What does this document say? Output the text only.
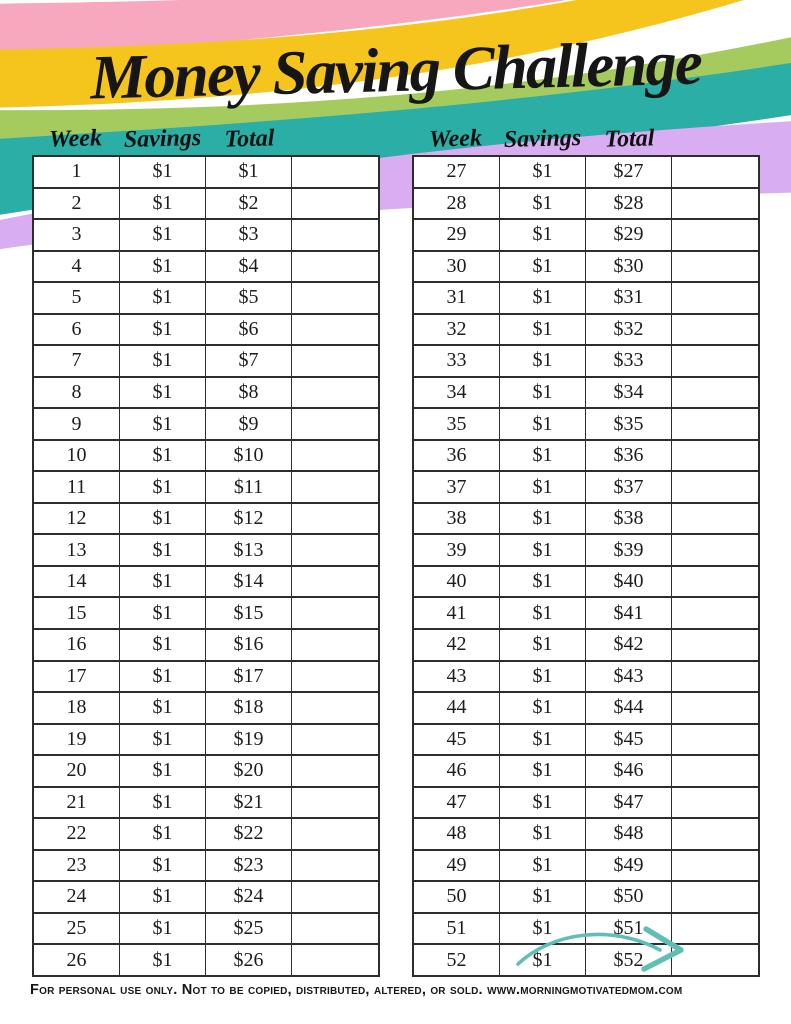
Money Saving Challenge
Week Savings Total	Week Savings Total
1	$1	$1
2	$1	$2
3	$1	$3
4	$1	$4
5	$1	$5
6	$1	$6
7	$1	$7
8	$1	$8
9	$1	$9
10	$1	$10
11	$1	$11
12	$1	$12
13	$1	$13
14	$1	$14
15	$1	$15
16	$1	$16
17	$1	$17
18	$1	$18
19	$1	$19
20	$1	$20
21	$1	$21
22	$1	$22
23	$1	$23
24	$1	$24
25	$1	$25
26	$1	$26
27	$1	$27
28	$1	$28
29	$1	$29
30	$1	$30
31	$1	$31
32	$1	$32
33	$1	$33
34	$1	$34
35	$1	$35
36	$1	$36
37	$1	$37
38	$1	$38
39	$1	$39
40	$1	$40
41	$1	$41
42	$1	$42
43	$1	$43
44	$1	$44
45	$1	$45
46	$1	$46
47	$1	$47
48	$1	$48
49	$1	$49
50	$1	$50
51	$1	$51
52	$1	$52
For personal use only. Not to be copied, distributed, altered, or sold. www.morningmotivatedmom.com
